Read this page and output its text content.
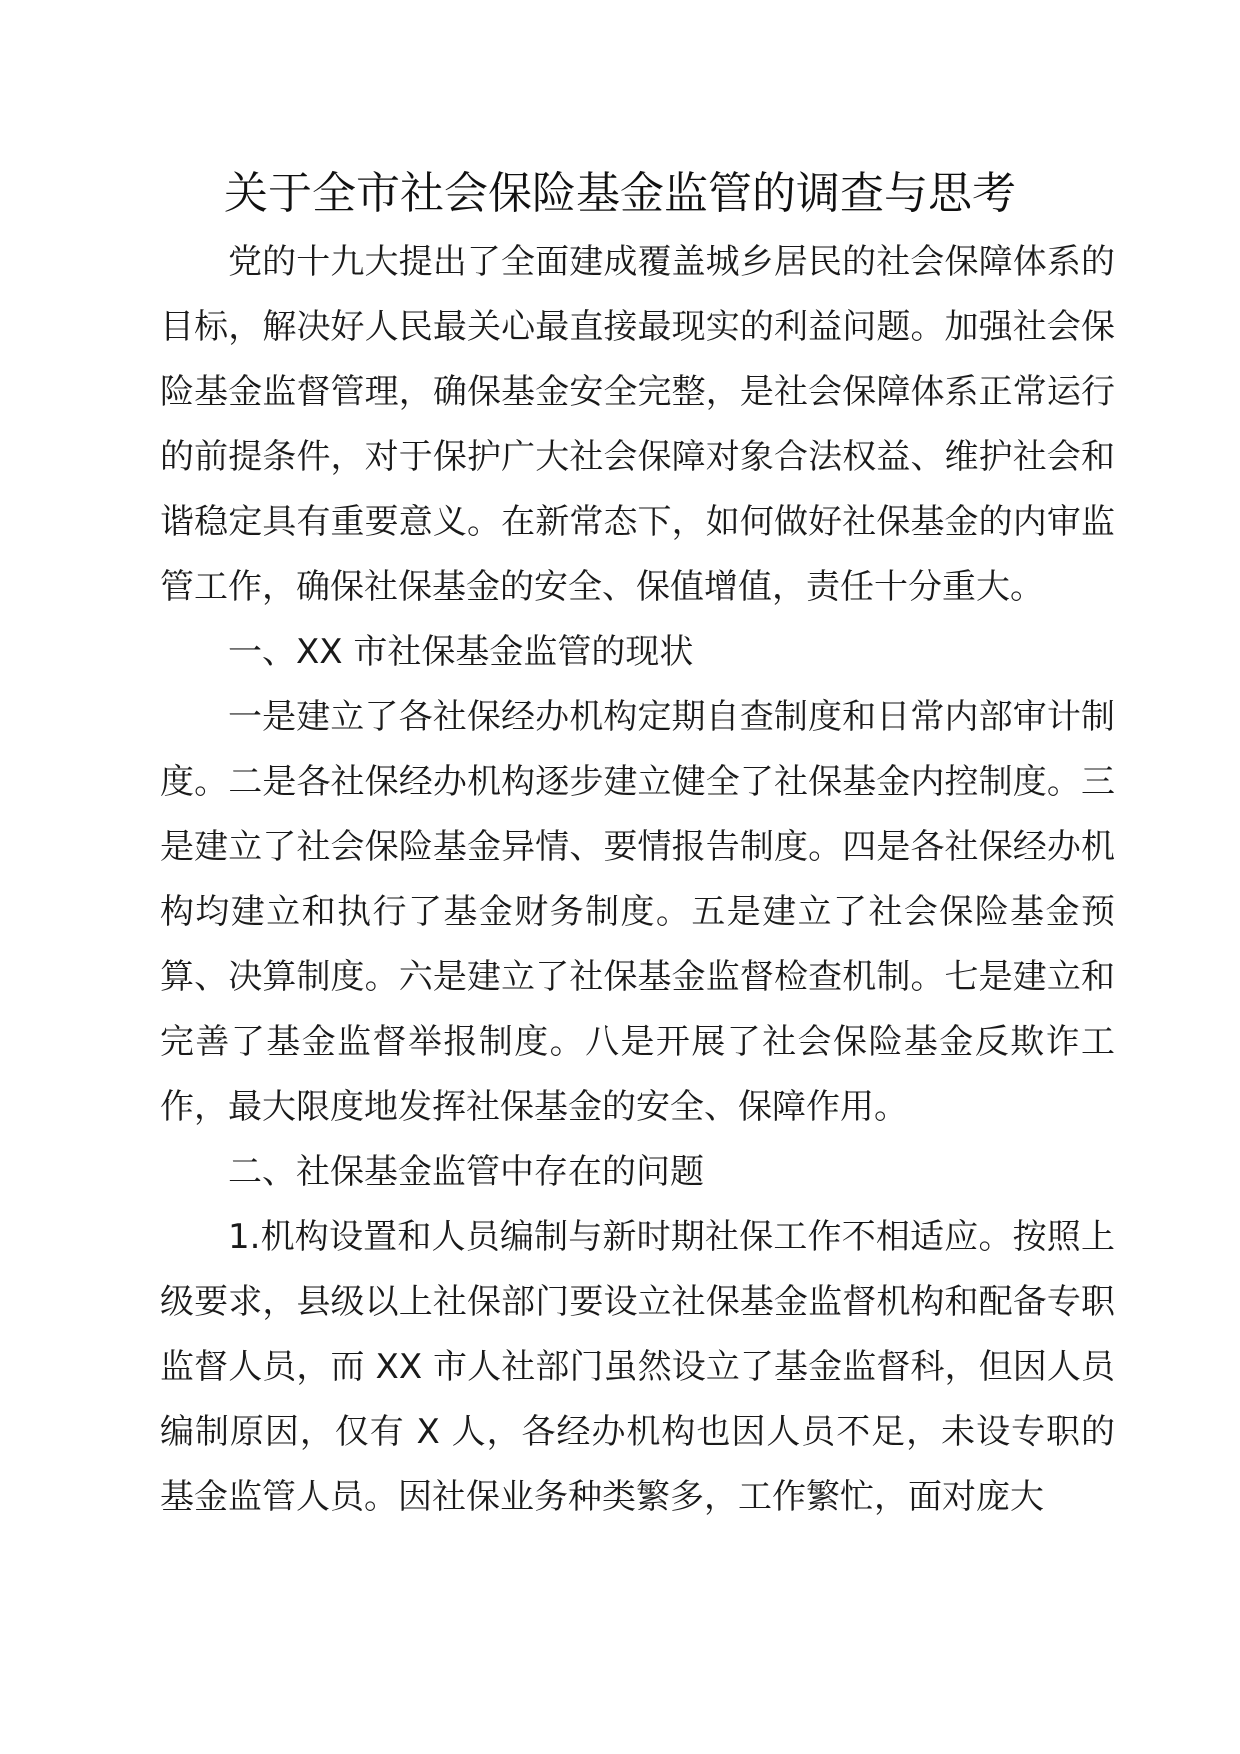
关于全市社会保险基金监管的调查与思考

党的十九大提出了全面建成覆盖城乡居民的社会保障体系的目标，解决好人民最关心最直接最现实的利益问题。加强社会保险基金监督管理，确保基金安全完整，是社会保障体系正常运行的前提条件，对于保护广大社会保障对象合法权益、维护社会和谐稳定具有重要意义。在新常态下，如何做好社保基金的内审监管工作，确保社保基金的安全、保值增值，责任十分重大。

一、XX 市社保基金监管的现状

一是建立了各社保经办机构定期自查制度和日常内部审计制度。二是各社保经办机构逐步建立健全了社保基金内控制度。三是建立了社会保险基金异情、要情报告制度。四是各社保经办机构均建立和执行了基金财务制度。五是建立了社会保险基金预算、决算制度。六是建立了社保基金监督检查机制。七是建立和完善了基金监督举报制度。八是开展了社会保险基金反欺诈工作，最大限度地发挥社保基金的安全、保障作用。

二、社保基金监管中存在的问题

1.机构设置和人员编制与新时期社保工作不相适应。按照上级要求，县级以上社保部门要设立社保基金监督机构和配备专职监督人员，而 XX 市人社部门虽然设立了基金监督科，但因人员编制原因，仅有 X 人，各经办机构也因人员不足，未设专职的基金监管人员。因社保业务种类繁多，工作繁忙，面对庞大
